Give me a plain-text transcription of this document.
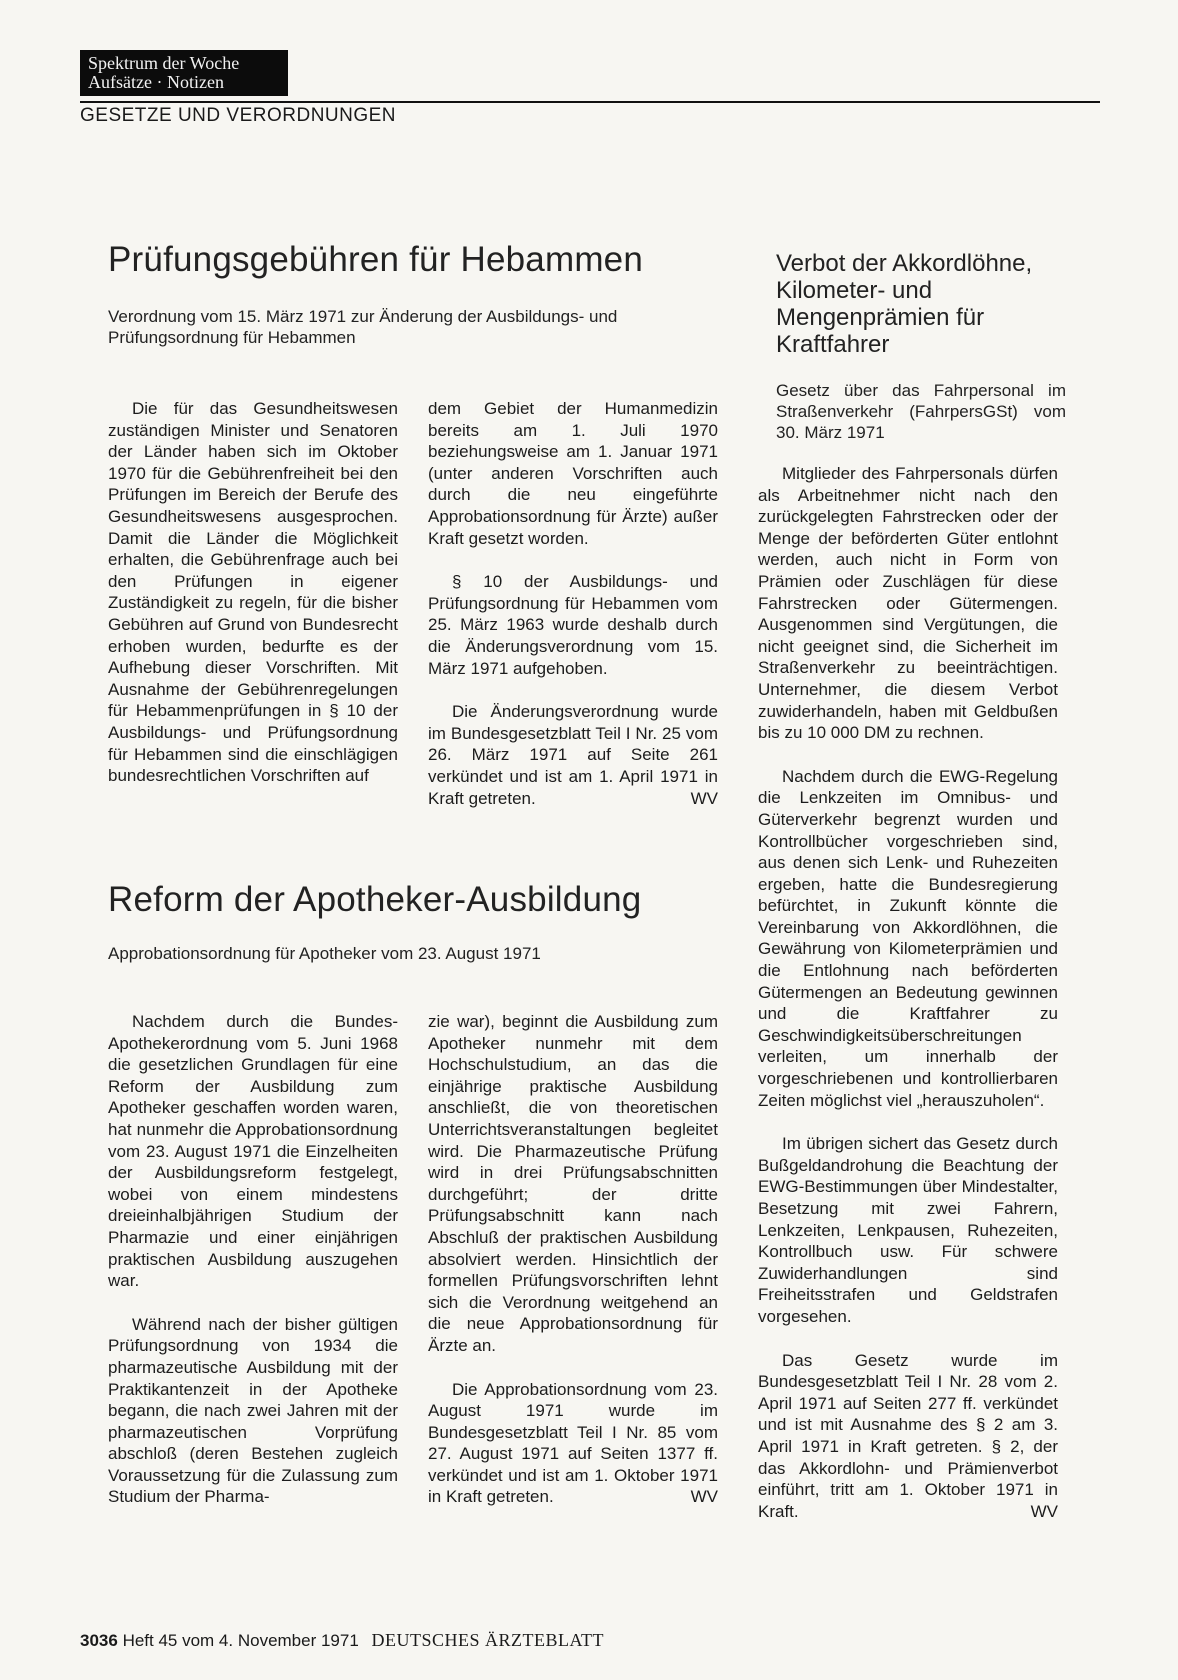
Spektrum der Woche
Aufsätze · Notizen
GESETZE UND VERORDNUNGEN
Prüfungsgebühren für Hebammen
Verordnung vom 15. März 1971 zur Änderung der Ausbildungs- und Prüfungsordnung für Hebammen

Die für das Gesundheitswesen zuständigen Minister und Senatoren der Länder haben sich im Oktober 1970 für die Gebührenfreiheit bei den Prüfungen im Bereich der Berufe des Gesundheitswesens ausgesprochen. Damit die Länder die Möglichkeit erhalten, die Gebührenfrage auch bei den Prüfungen in eigener Zuständigkeit zu regeln, für die bisher Gebühren auf Grund von Bundesrecht erhoben wurden, bedurfte es der Aufhebung dieser Vorschriften. Mit Ausnahme der Gebührenregelungen für Hebammenprüfungen in § 10 der Ausbildungs- und Prüfungsordnung für Hebammen sind die einschlägigen bundesrechtlichen Vorschriften auf

dem Gebiet der Humanmedizin bereits am 1. Juli 1970 beziehungsweise am 1. Januar 1971 (unter anderen Vorschriften auch durch die neu eingeführte Approbationsordnung für Ärzte) außer Kraft gesetzt worden.

§ 10 der Ausbildungs- und Prüfungsordnung für Hebammen vom 25. März 1963 wurde deshalb durch die Änderungsverordnung vom 15. März 1971 aufgehoben.

Die Änderungsverordnung wurde im Bundesgesetzblatt Teil I Nr. 25 vom 26. März 1971 auf Seite 261 verkündet und ist am 1. April 1971 in Kraft getreten.	WV

Reform der Apotheker-Ausbildung
Approbationsordnung für Apotheker vom 23. August 1971

Nachdem durch die Bundes-Apothekerordnung vom 5. Juni 1968 die gesetzlichen Grundlagen für eine Reform der Ausbildung zum Apotheker geschaffen worden waren, hat nunmehr die Approbationsordnung vom 23. August 1971 die Einzelheiten der Ausbildungsreform festgelegt, wobei von einem mindestens dreieinhalbjährigen Studium der Pharmazie und einer einjährigen praktischen Ausbildung auszugehen war.

Während nach der bisher gültigen Prüfungsordnung von 1934 die pharmazeutische Ausbildung mit der Praktikantenzeit in der Apotheke begann, die nach zwei Jahren mit der pharmazeutischen Vorprüfung abschloß (deren Bestehen zugleich Voraussetzung für die Zulassung zum Studium der Pharma-

zie war), beginnt die Ausbildung zum Apotheker nunmehr mit dem Hochschulstudium, an das die einjährige praktische Ausbildung anschließt, die von theoretischen Unterrichtsveranstaltungen begleitet wird. Die Pharmazeutische Prüfung wird in drei Prüfungsabschnitten durchgeführt; der dritte Prüfungsabschnitt kann nach Abschluß der praktischen Ausbildung absolviert werden. Hinsichtlich der formellen Prüfungsvorschriften lehnt sich die Verordnung weitgehend an die neue Approbationsordnung für Ärzte an.

Die Approbationsordnung vom 23. August 1971 wurde im Bundesgesetzblatt Teil I Nr. 85 vom 27. August 1971 auf Seiten 1377 ff. verkündet und ist am 1. Oktober 1971 in Kraft getreten.	WV

Verbot der Akkordlöhne, Kilometer- und Mengenprämien für Kraftfahrer
Gesetz über das Fahrpersonal im Straßenverkehr (FahrpersGSt) vom 30. März 1971

Mitglieder des Fahrpersonals dürfen als Arbeitnehmer nicht nach den zurückgelegten Fahrstrecken oder der Menge der beförderten Güter entlohnt werden, auch nicht in Form von Prämien oder Zuschlägen für diese Fahrstrecken oder Gütermengen. Ausgenommen sind Vergütungen, die nicht geeignet sind, die Sicherheit im Straßenverkehr zu beeinträchtigen. Unternehmer, die diesem Verbot zuwiderhandeln, haben mit Geldbußen bis zu 10 000 DM zu rechnen.

Nachdem durch die EWG-Regelung die Lenkzeiten im Omnibus- und Güterverkehr begrenzt wurden und Kontrollbücher vorgeschrieben sind, aus denen sich Lenk- und Ruhezeiten ergeben, hatte die Bundesregierung befürchtet, in Zukunft könnte die Vereinbarung von Akkordlöhnen, die Gewährung von Kilometerprämien und die Entlohnung nach beförderten Gütermengen an Bedeutung gewinnen und die Kraftfahrer zu Geschwindigkeitsüberschreitungen verleiten, um innerhalb der vorgeschriebenen und kontrollierbaren Zeiten möglichst viel „herauszuholen“.

Im übrigen sichert das Gesetz durch Bußgeldandrohung die Beachtung der EWG-Bestimmungen über Mindestalter, Besetzung mit zwei Fahrern, Lenkzeiten, Lenkpausen, Ruhezeiten, Kontrollbuch usw. Für schwere Zuwiderhandlungen sind Freiheitsstrafen und Geldstrafen vorgesehen.

Das Gesetz wurde im Bundesgesetzblatt Teil I Nr. 28 vom 2. April 1971 auf Seiten 277 ff. verkündet und ist mit Ausnahme des § 2 am 3. April 1971 in Kraft getreten. § 2, der das Akkordlohn- und Prämienverbot einführt, tritt am 1. Oktober 1971 in Kraft.	WV

3036 Heft 45 vom 4. November 1971 DEUTSCHES ÄRZTEBLATT
